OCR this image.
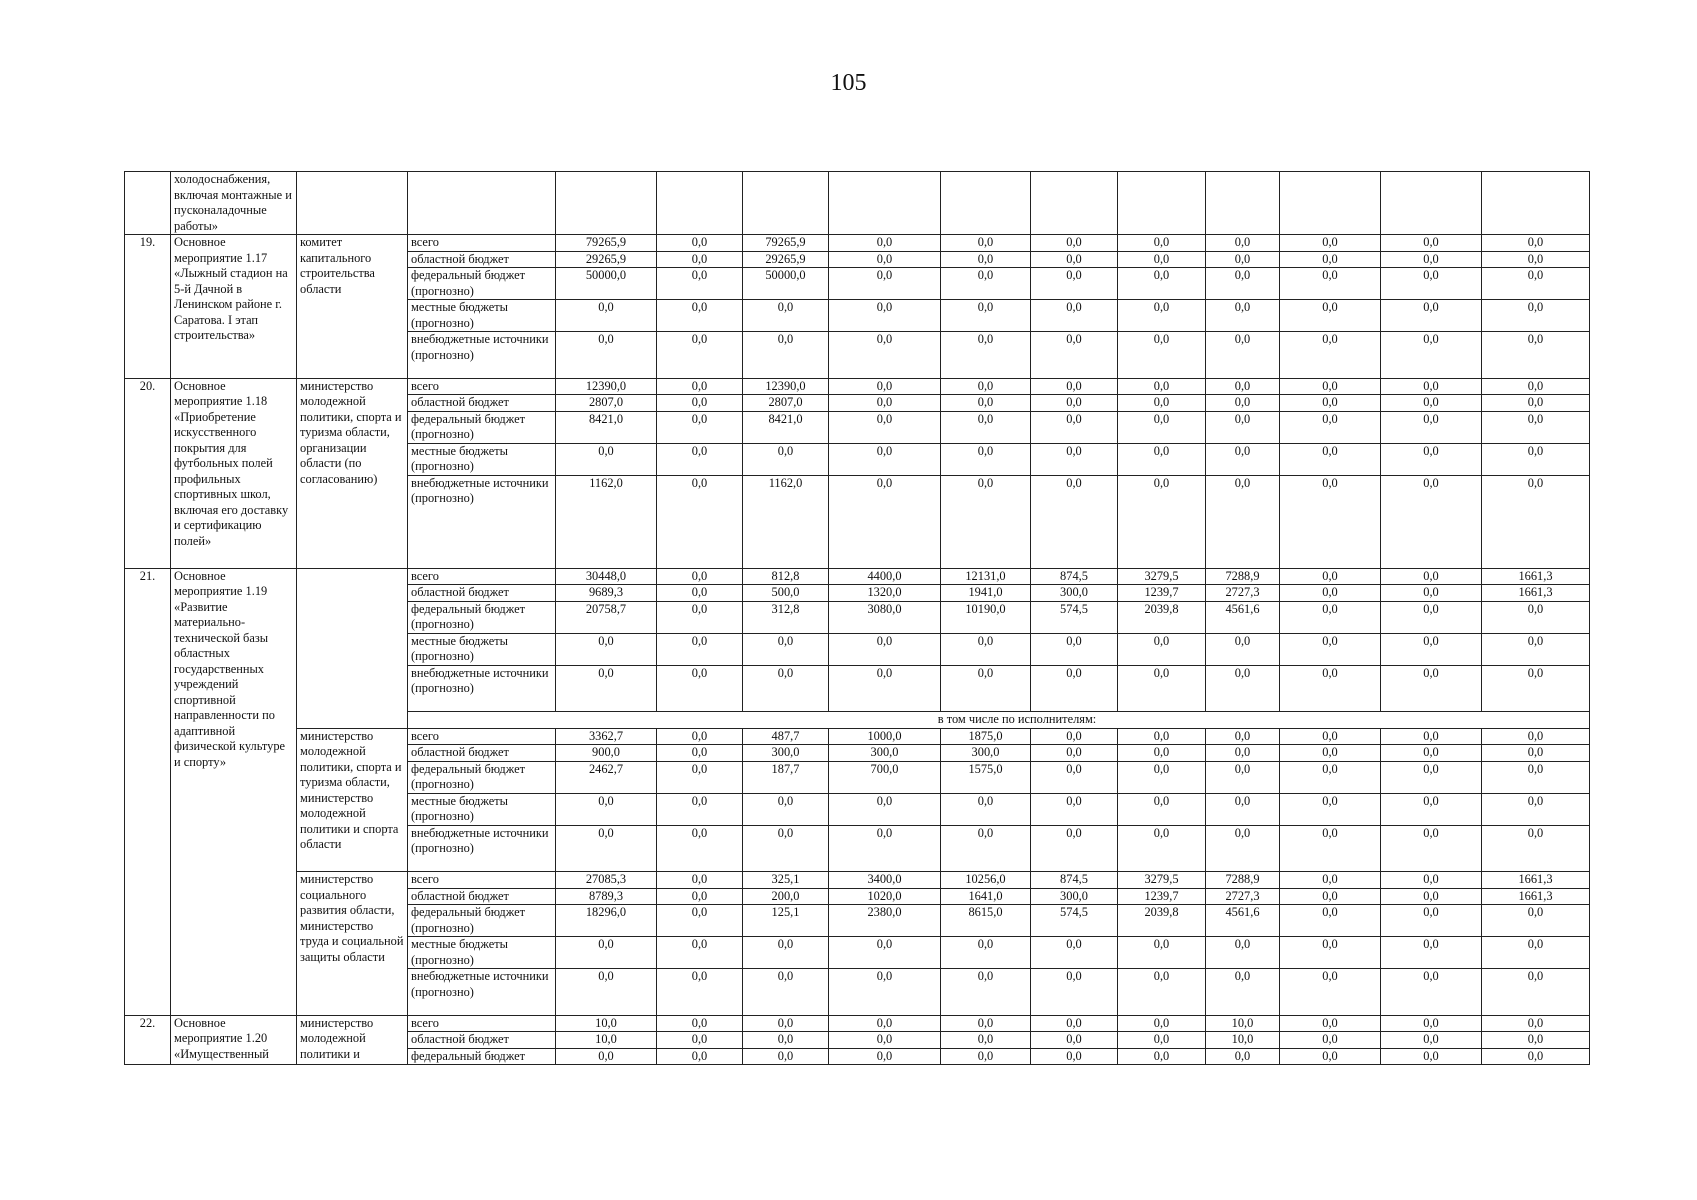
105
	холодоснабжения, включая монтажные и пусконаладочные работы»													
19.	Основное мероприятие 1.17 «Лыжный стадион на 5-й Дачной в Ленинском районе г. Саратова. I этап строительства»	комитет капитального строительства области	всего	79265,9	0,0	79265,9	0,0	0,0	0,0	0,0	0,0	0,0	0,0	0,0
			областной бюджет	29265,9	0,0	29265,9	0,0	0,0	0,0	0,0	0,0	0,0	0,0	0,0
			федеральный бюджет (прогнозно)	50000,0	0,0	50000,0	0,0	0,0	0,0	0,0	0,0	0,0	0,0	0,0
			местные бюджеты (прогнозно)	0,0	0,0	0,0	0,0	0,0	0,0	0,0	0,0	0,0	0,0	0,0
			внебюджетные источники (прогнозно)	0,0	0,0	0,0	0,0	0,0	0,0	0,0	0,0	0,0	0,0	0,0
20.	Основное мероприятие 1.18 «Приобретение искусственного покрытия для футбольных полей профильных спортивных школ, включая его доставку и сертификацию полей»	министерство молодежной политики, спорта и туризма области, организации области (по согласованию)	всего	12390,0	0,0	12390,0	0,0	0,0	0,0	0,0	0,0	0,0	0,0	0,0
			областной бюджет	2807,0	0,0	2807,0	0,0	0,0	0,0	0,0	0,0	0,0	0,0	0,0
			федеральный бюджет (прогнозно)	8421,0	0,0	8421,0	0,0	0,0	0,0	0,0	0,0	0,0	0,0	0,0
			местные бюджеты (прогнозно)	0,0	0,0	0,0	0,0	0,0	0,0	0,0	0,0	0,0	0,0	0,0
			внебюджетные источники (прогнозно)	1162,0	0,0	1162,0	0,0	0,0	0,0	0,0	0,0	0,0	0,0	0,0
21.	Основное мероприятие 1.19 «Развитие материально-технической базы областных государственных учреждений спортивной направленности по адаптивной физической культуре и спорту»		всего	30448,0	0,0	812,8	4400,0	12131,0	874,5	3279,5	7288,9	0,0	0,0	1661,3
			областной бюджет	9689,3	0,0	500,0	1320,0	1941,0	300,0	1239,7	2727,3	0,0	0,0	1661,3
			федеральный бюджет (прогнозно)	20758,7	0,0	312,8	3080,0	10190,0	574,5	2039,8	4561,6	0,0	0,0	0,0
			местные бюджеты (прогнозно)	0,0	0,0	0,0	0,0	0,0	0,0	0,0	0,0	0,0	0,0	0,0
			внебюджетные источники (прогнозно)	0,0	0,0	0,0	0,0	0,0	0,0	0,0	0,0	0,0	0,0	0,0
			в том числе по исполнителям:											
		министерство молодежной политики, спорта и туризма области, министерство молодежной политики и спорта области	всего	3362,7	0,0	487,7	1000,0	1875,0	0,0	0,0	0,0	0,0	0,0	0,0
			областной бюджет	900,0	0,0	300,0	300,0	300,0	0,0	0,0	0,0	0,0	0,0	0,0
			федеральный бюджет (прогнозно)	2462,7	0,0	187,7	700,0	1575,0	0,0	0,0	0,0	0,0	0,0	0,0
			местные бюджеты (прогнозно)	0,0	0,0	0,0	0,0	0,0	0,0	0,0	0,0	0,0	0,0	0,0
			внебюджетные источники (прогнозно)	0,0	0,0	0,0	0,0	0,0	0,0	0,0	0,0	0,0	0,0	0,0
		министерство социального развития области, министерство труда и социальной защиты области	всего	27085,3	0,0	325,1	3400,0	10256,0	874,5	3279,5	7288,9	0,0	0,0	1661,3
			областной бюджет	8789,3	0,0	200,0	1020,0	1641,0	300,0	1239,7	2727,3	0,0	0,0	1661,3
			федеральный бюджет (прогнозно)	18296,0	0,0	125,1	2380,0	8615,0	574,5	2039,8	4561,6	0,0	0,0	0,0
			местные бюджеты (прогнозно)	0,0	0,0	0,0	0,0	0,0	0,0	0,0	0,0	0,0	0,0	0,0
			внебюджетные источники (прогнозно)	0,0	0,0	0,0	0,0	0,0	0,0	0,0	0,0	0,0	0,0	0,0
22.	Основное мероприятие 1.20 «Имущественный	министерство молодежной политики и	всего	10,0	0,0	0,0	0,0	0,0	0,0	0,0	10,0	0,0	0,0	0,0
			областной бюджет	10,0	0,0	0,0	0,0	0,0	0,0	0,0	10,0	0,0	0,0	0,0
			федеральный бюджет	0,0	0,0	0,0	0,0	0,0	0,0	0,0	0,0	0,0	0,0	0,0
